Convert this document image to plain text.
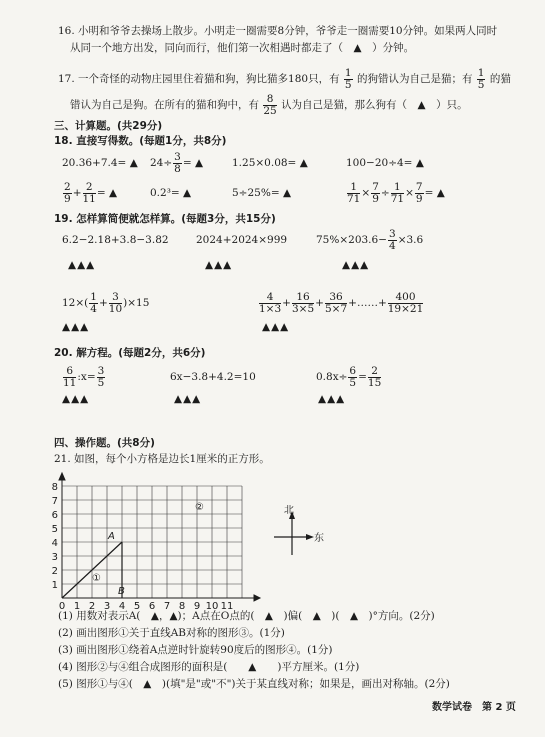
16. 小明和爷爷去操场上散步。小明走一圈需要8分钟，爷爷走一圈需要10分钟。如果两人同时
从同一个地方出发，同向而行，他们第一次相遇时都走了（　▲　）分钟。
17. 一个奇怪的动物庄园里住着猫和狗，狗比猫多180只，有 $\frac{1}{5}$ 的狗错认为自己是猫；有 $\frac{1}{5}$ 的猫
错认为自己是狗。在所有的猫和狗中，有 $\frac{8}{25}$ 认为自己是猫，那么狗有（　▲　）只。
三、计算题。(共29分)
18. 直接写得数。(每题1分，共8分)
20.36+7.4= ▲ $24\div \frac{3}{8}$ = ▲	1.25×0.08= ▲	100−20÷4= ▲
$\frac{2}{9} + \frac{2}{11}$ = ▲	0.2³= ▲	5÷25%= ▲	$\frac{1}{71} \times \frac{7}{9} \div \frac{1}{71} \times \frac{7}{9}$ = ▲
19. 怎样算简便就怎样算。(每题3分，共15分)
6.2−2.18+3.8−3.82	2024+2024×999	$75\%\times 203.6- \frac{3}{4} \times 3.6$
▲▲▲	▲▲▲	▲▲▲
$12\times( \frac{1}{4} + \frac{3}{10} )\times 15$	$\frac{4}{1\times 3} + \frac{16}{3\times 5} + \frac{36}{5\times 7}$ +……+ $\frac{400}{19\times 21}$
▲▲▲	▲▲▲
20. 解方程。(每题2分，共6分)
$\frac{6}{11}$ :x= $\frac{3}{5}$	6x−3.8+4.2=10	$0.8x\div \frac{6}{5} = \frac{2}{15}$
▲▲▲	▲▲▲	▲▲▲
四、操作题。(共8分)
21. 如图，每个小方格是边长1厘米的正方形。
1
2
3
4
5
6
7
8
0 1 2 3 4 5 6 7 8 9 10 11
A
B
①
②	北
东
(1) 用数对表示A(　▲，▲)；A点在O点的(　▲　)偏(　▲　)(　▲　)°方向。(2分)
(2) 画出图形①关于直线AB对称的图形③。(1分)
(3) 画出图形①绕着A点逆时针旋转90度后的图形④。(1分)
(4) 图形②与④组合成图形的面积是(　　▲　　)平方厘米。(1分)
(5) 图形①与④(　▲　)(填"是"或"不")关于某直线对称；如果是，画出对称轴。(2分)
数学试卷　第 2 页
